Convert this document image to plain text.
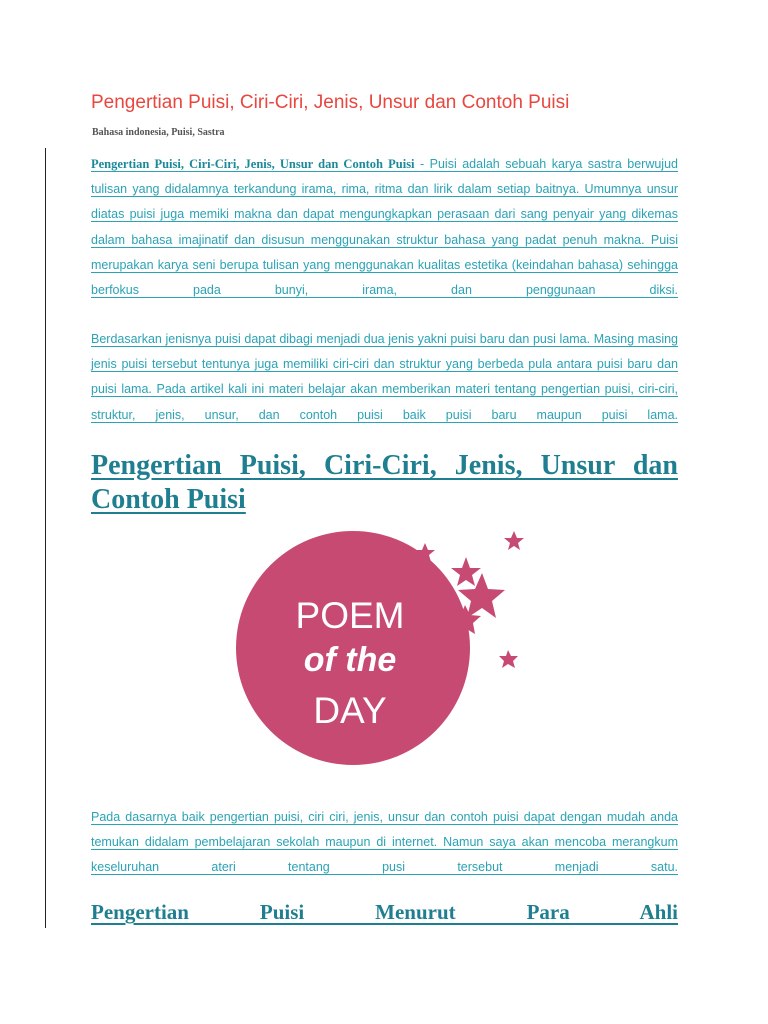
Pengertian Puisi, Ciri-Ciri, Jenis, Unsur dan Contoh Puisi
Bahasa indonesia, Puisi, Sastra

Pengertian Puisi, Ciri-Ciri, Jenis, Unsur dan Contoh Puisi - Puisi adalah sebuah karya sastra berwujud tulisan yang didalamnya terkandung irama, rima, ritma dan lirik dalam setiap baitnya. Umumnya unsur diatas puisi juga memiki makna dan dapat mengungkapkan perasaan dari sang penyair yang dikemas dalam bahasa imajinatif dan disusun menggunakan struktur bahasa yang padat penuh makna. Puisi merupakan karya seni berupa tulisan yang menggunakan kualitas estetika (keindahan bahasa) sehingga berfokus pada bunyi, irama, dan penggunaan diksi.

Berdasarkan jenisnya puisi dapat dibagi menjadi dua jenis yakni puisi baru dan pusi lama. Masing masing jenis puisi tersebut tentunya juga memiliki ciri-ciri dan struktur yang berbeda pula antara puisi baru dan puisi lama. Pada artikel kali ini materi belajar akan memberikan materi tentang pengertian puisi, ciri-ciri, struktur, jenis, unsur, dan contoh puisi baik puisi baru maupun puisi lama.

Pengertian Puisi, Ciri-Ciri, Jenis, Unsur dan Contoh Puisi
POEM
of the
DAY

Pada dasarnya baik pengertian puisi, ciri ciri, jenis, unsur dan contoh puisi dapat dengan mudah anda temukan didalam pembelajaran sekolah maupun di internet. Namun saya akan mencoba merangkum keseluruhan ateri tentang pusi tersebut menjadi satu.

Pengertian Puisi Menurut Para Ahli
